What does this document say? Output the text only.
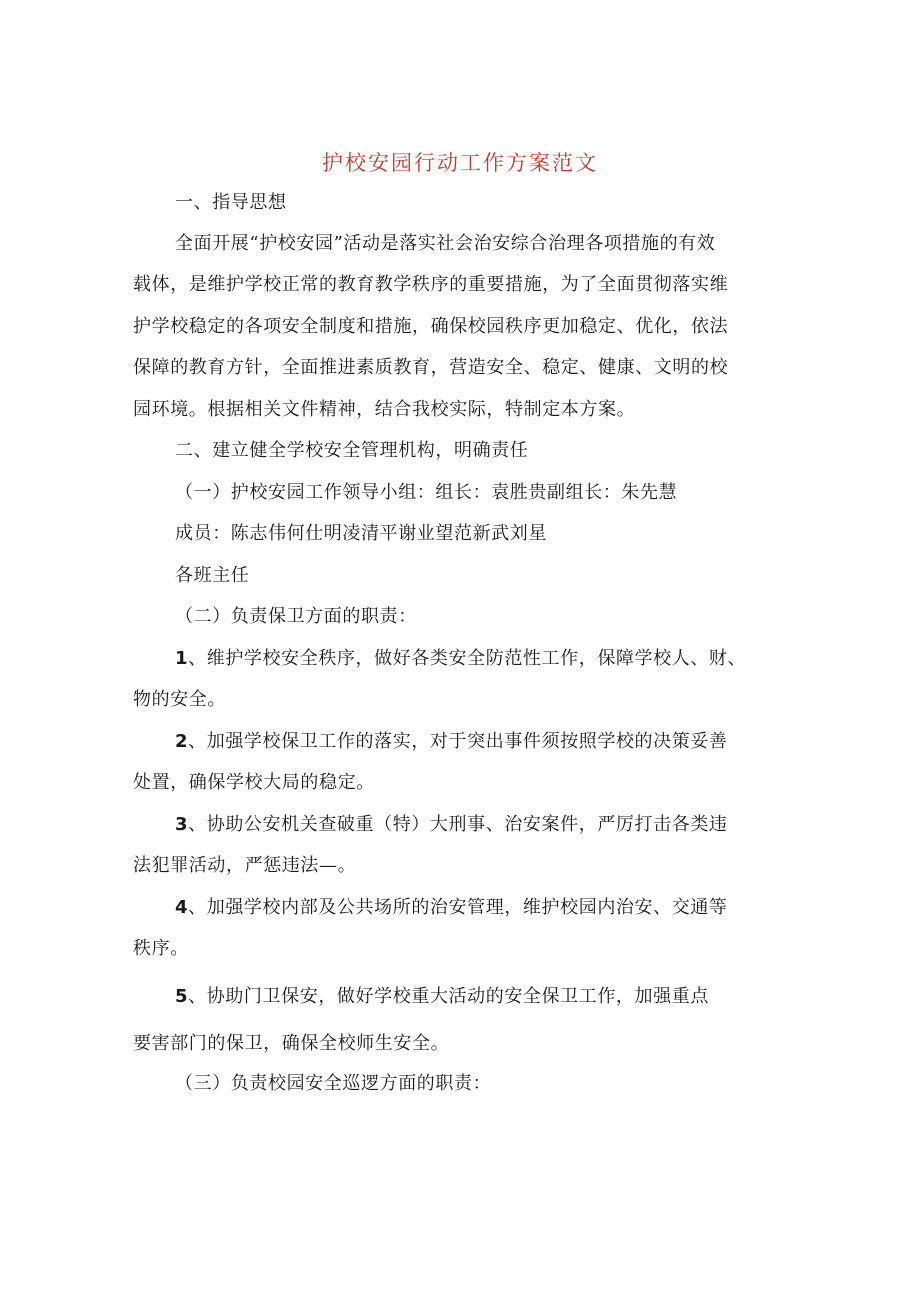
护校安园行动工作方案范文
一、指导思想
全面开展“护校安园”活动是落实社会治安综合治理各项措施的有效
载体，是维护学校正常的教育教学秩序的重要措施，为了全面贯彻落实维
护学校稳定的各项安全制度和措施，确保校园秩序更加稳定、优化，依法
保障的教育方针，全面推进素质教育，营造安全、稳定、健康、文明的校
园环境。根据相关文件精神，结合我校实际，特制定本方案。
二、建立健全学校安全管理机构，明确责任
（一）护校安园工作领导小组：组长：袁胜贵副组长：朱先慧
成员：陈志伟何仕明凌清平谢业望范新武刘星
各班主任
（二）负责保卫方面的职责：
1、维护学校安全秩序，做好各类安全防范性工作，保障学校人、财、
物的安全。
2、加强学校保卫工作的落实，对于突出事件须按照学校的决策妥善
处置，确保学校大局的稳定。
3、协助公安机关查破重（特）大刑事、治安案件，严厉打击各类违
法犯罪活动，严惩违法—。
4、加强学校内部及公共场所的治安管理，维护校园内治安、交通等
秩序。
5、协助门卫保安，做好学校重大活动的安全保卫工作，加强重点
要害部门的保卫，确保全校师生安全。
（三）负责校园安全巡逻方面的职责：
